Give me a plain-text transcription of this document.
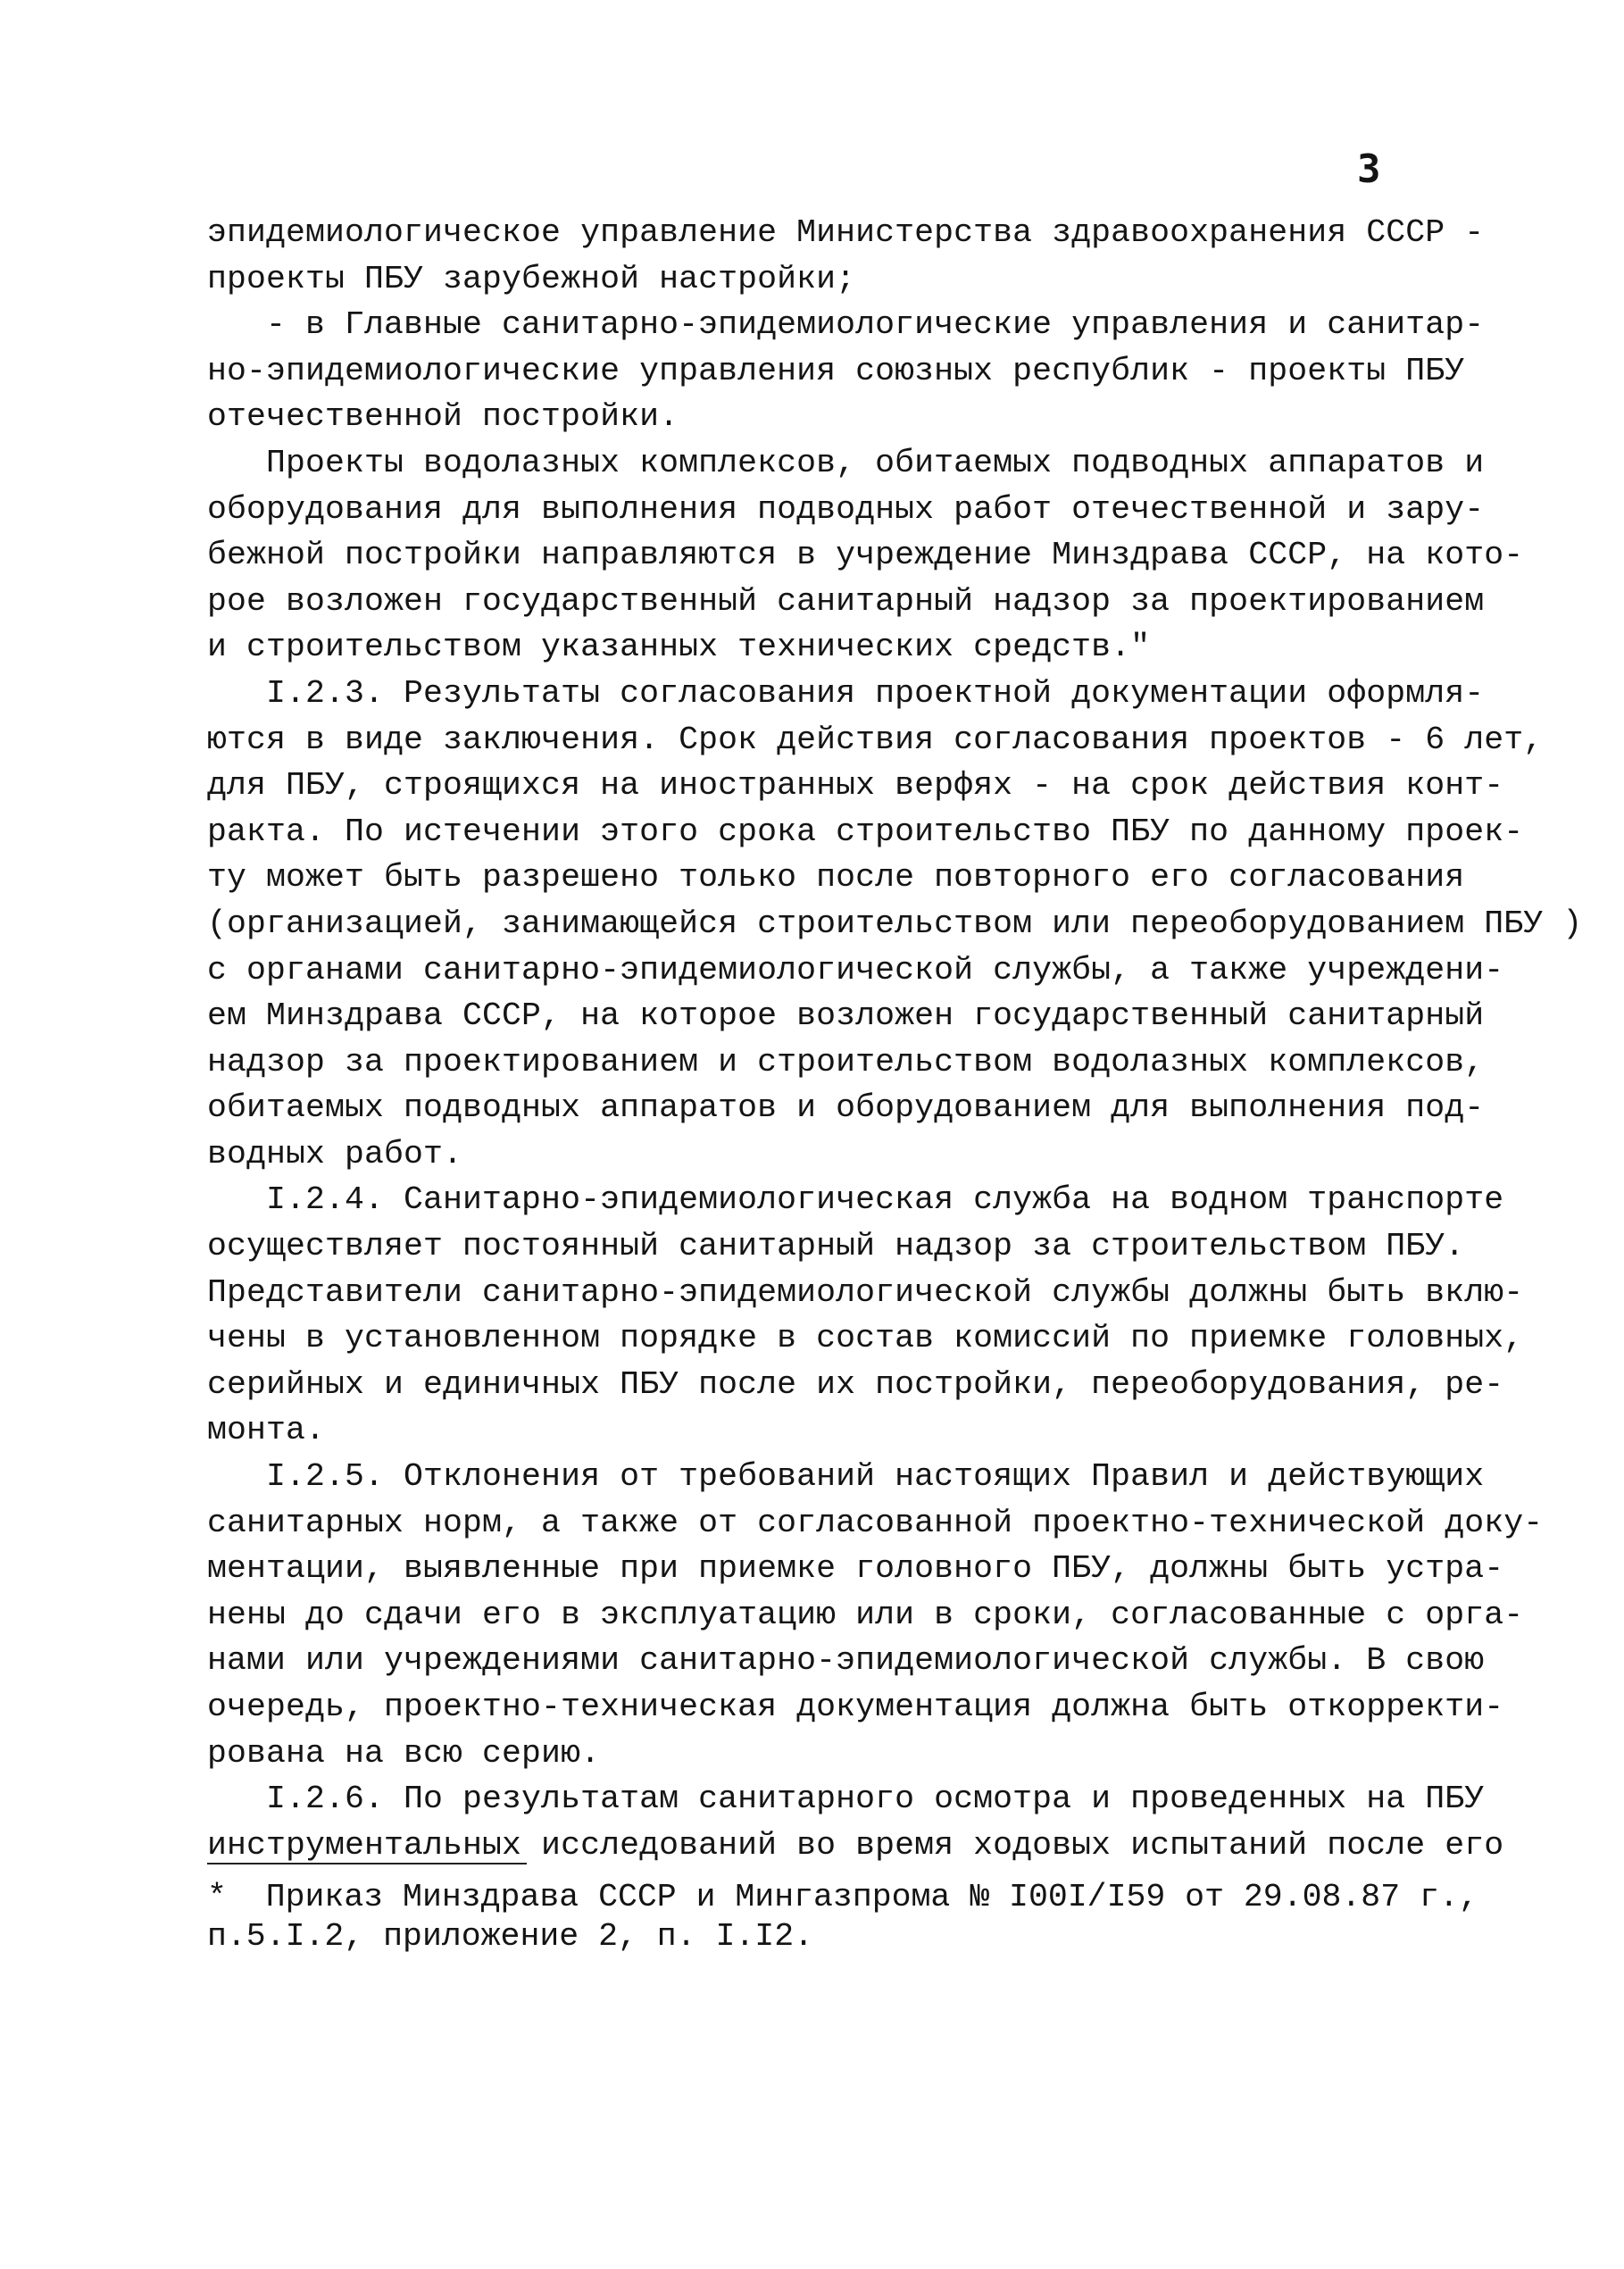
3
эпидемиологическое управление Министерства здравоохранения СССР -
проекты ПБУ зарубежной настройки;
- в Главные санитарно-эпидемиологические управления и санитар-
но-эпидемиологические управления союзных республик - проекты ПБУ
отечественной постройки.
Проекты водолазных комплексов, обитаемых подводных аппаратов и
оборудования для выполнения подводных работ отечественной и зару-
бежной постройки направляются в учреждение Минздрава СССР, на кото-
рое возложен государственный санитарный надзор за проектированием
и строительством указанных технических средств."
I.2.3. Результаты согласования проектной документации оформля-
ются в виде заключения. Срок действия согласования проектов - 6 лет,
для ПБУ, строящихся на иностранных верфях - на срок действия конт-
ракта. По истечении этого срока строительство ПБУ по данному проек-
ту может быть разрешено только после повторного его согласования
(организацией, занимающейся строительством или переоборудованием ПБУ )
с органами санитарно-эпидемиологической службы, а также учреждени-
ем Минздрава СССР, на которое возложен государственный санитарный
надзор за проектированием и строительством водолазных комплексов,
обитаемых подводных аппаратов и оборудованием для выполнения под-
водных работ.
I.2.4. Санитарно-эпидемиологическая служба на водном транспорте
осуществляет постоянный санитарный надзор за строительством ПБУ.
Представители санитарно-эпидемиологической службы должны быть вклю-
чены в установленном порядке в состав комиссий по приемке головных,
серийных и единичных ПБУ после их постройки, переоборудования, ре-
монта.
I.2.5. Отклонения от требований настоящих Правил и действующих
санитарных норм, а также от согласованной проектно-технической доку-
ментации, выявленные при приемке головного ПБУ, должны быть устра-
нены до сдачи его в эксплуатацию или в сроки, согласованные с орга-
нами или учреждениями санитарно-эпидемиологической службы. В свою
очередь, проектно-техническая документация должна быть откорректи-
рована на всю серию.
I.2.6. По результатам санитарного осмотра и проведенных на ПБУ
инструментальных исследований во время ходовых испытаний после его
*  Приказ Минздрава СССР и Мингазпрома № I00I/I59 от 29.08.87 г.,
п.5.I.2, приложение 2, п. I.I2.
